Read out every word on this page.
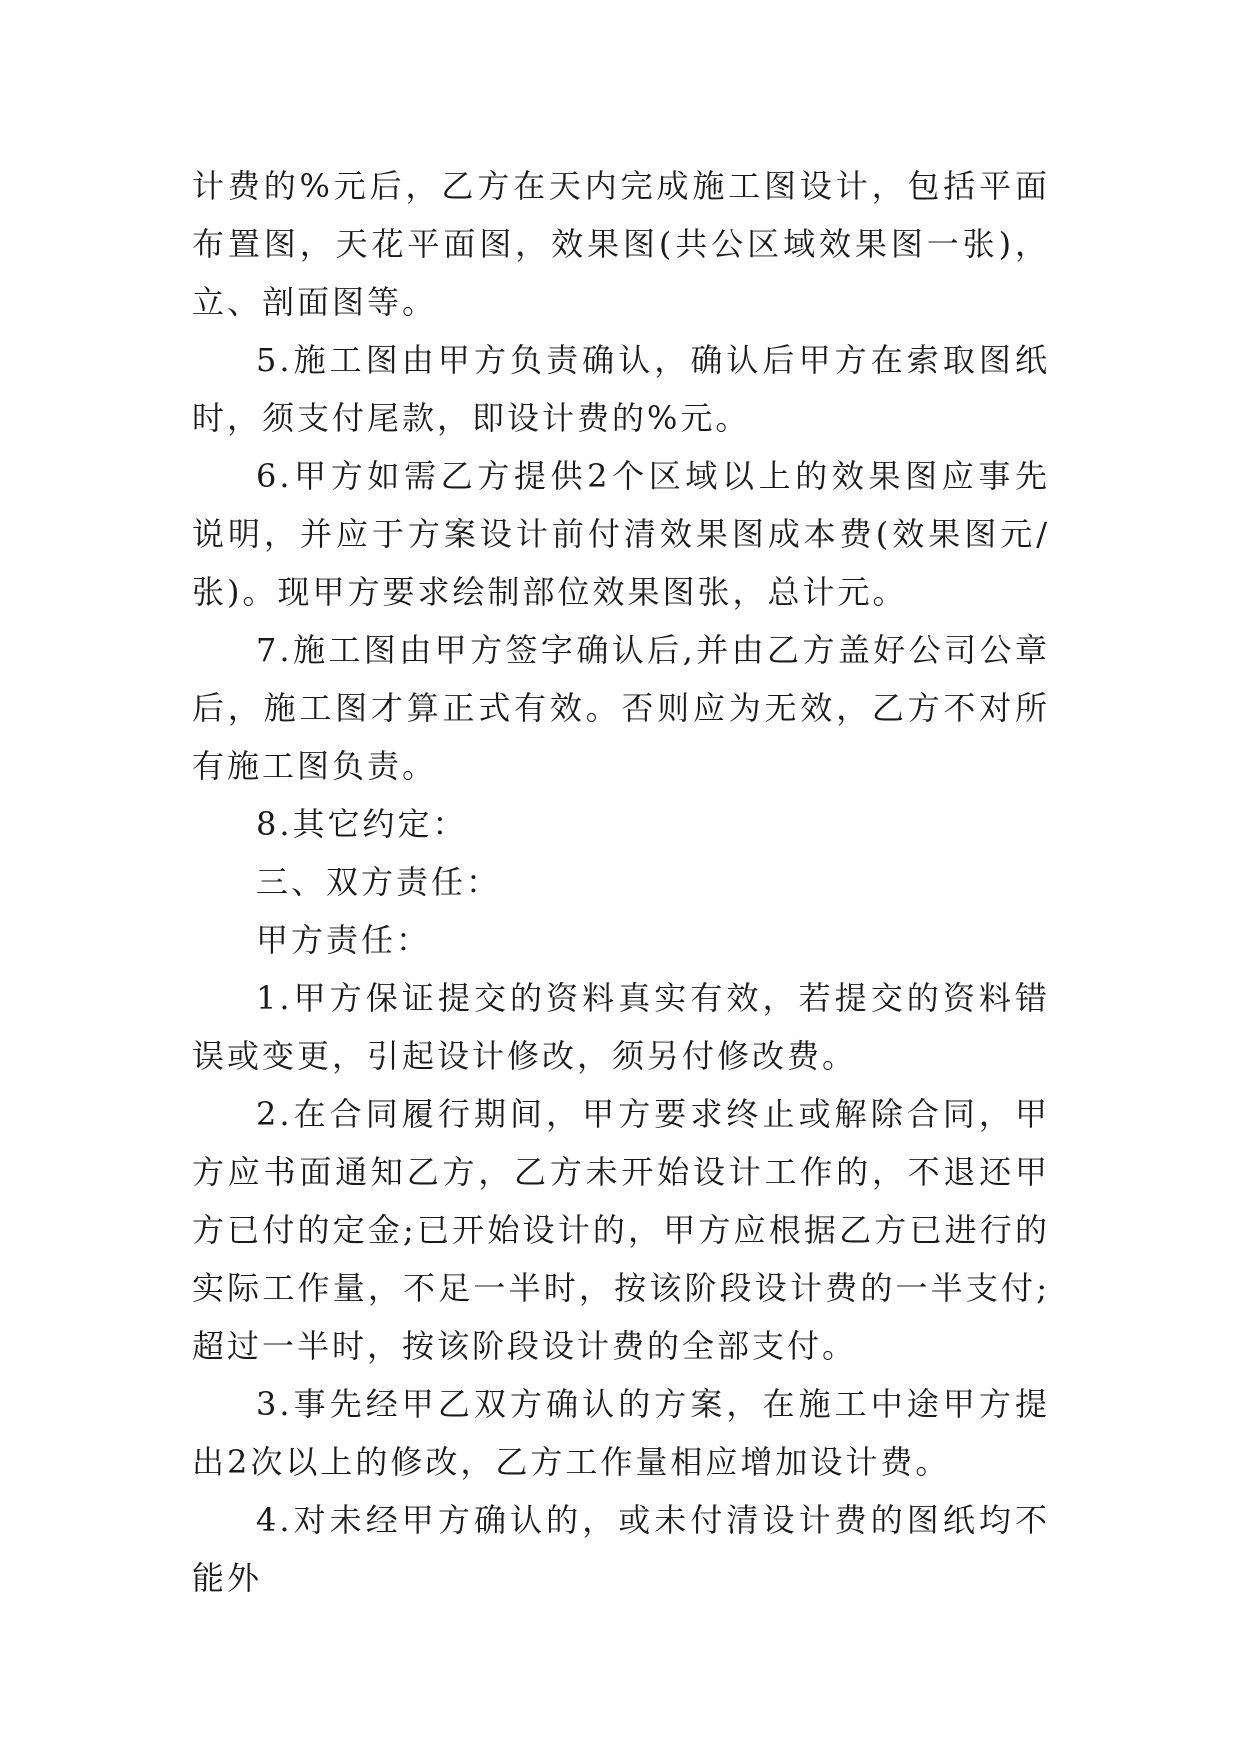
计费的%元后，乙方在天内完成施工图设计，包括平面布置图，天花平面图，效果图(共公区域效果图一张)，立、剖面图等。

5.施工图由甲方负责确认，确认后甲方在索取图纸时，须支付尾款，即设计费的%元。

6.甲方如需乙方提供2个区域以上的效果图应事先说明，并应于方案设计前付清效果图成本费(效果图元/张)。现甲方要求绘制部位效果图张，总计元。

7.施工图由甲方签字确认后,并由乙方盖好公司公章后，施工图才算正式有效。否则应为无效，乙方不对所有施工图负责。

8.其它约定：

三、双方责任：

甲方责任：

1.甲方保证提交的资料真实有效，若提交的资料错误或变更，引起设计修改，须另付修改费。

2.在合同履行期间，甲方要求终止或解除合同，甲方应书面通知乙方，乙方未开始设计工作的，不退还甲方已付的定金;已开始设计的，甲方应根据乙方已进行的实际工作量，不足一半时，按该阶段设计费的一半支付;超过一半时，按该阶段设计费的全部支付。

3.事先经甲乙双方确认的方案，在施工中途甲方提出2次以上的修改，乙方工作量相应增加设计费。

4.对未经甲方确认的，或未付清设计费的图纸均不能外
